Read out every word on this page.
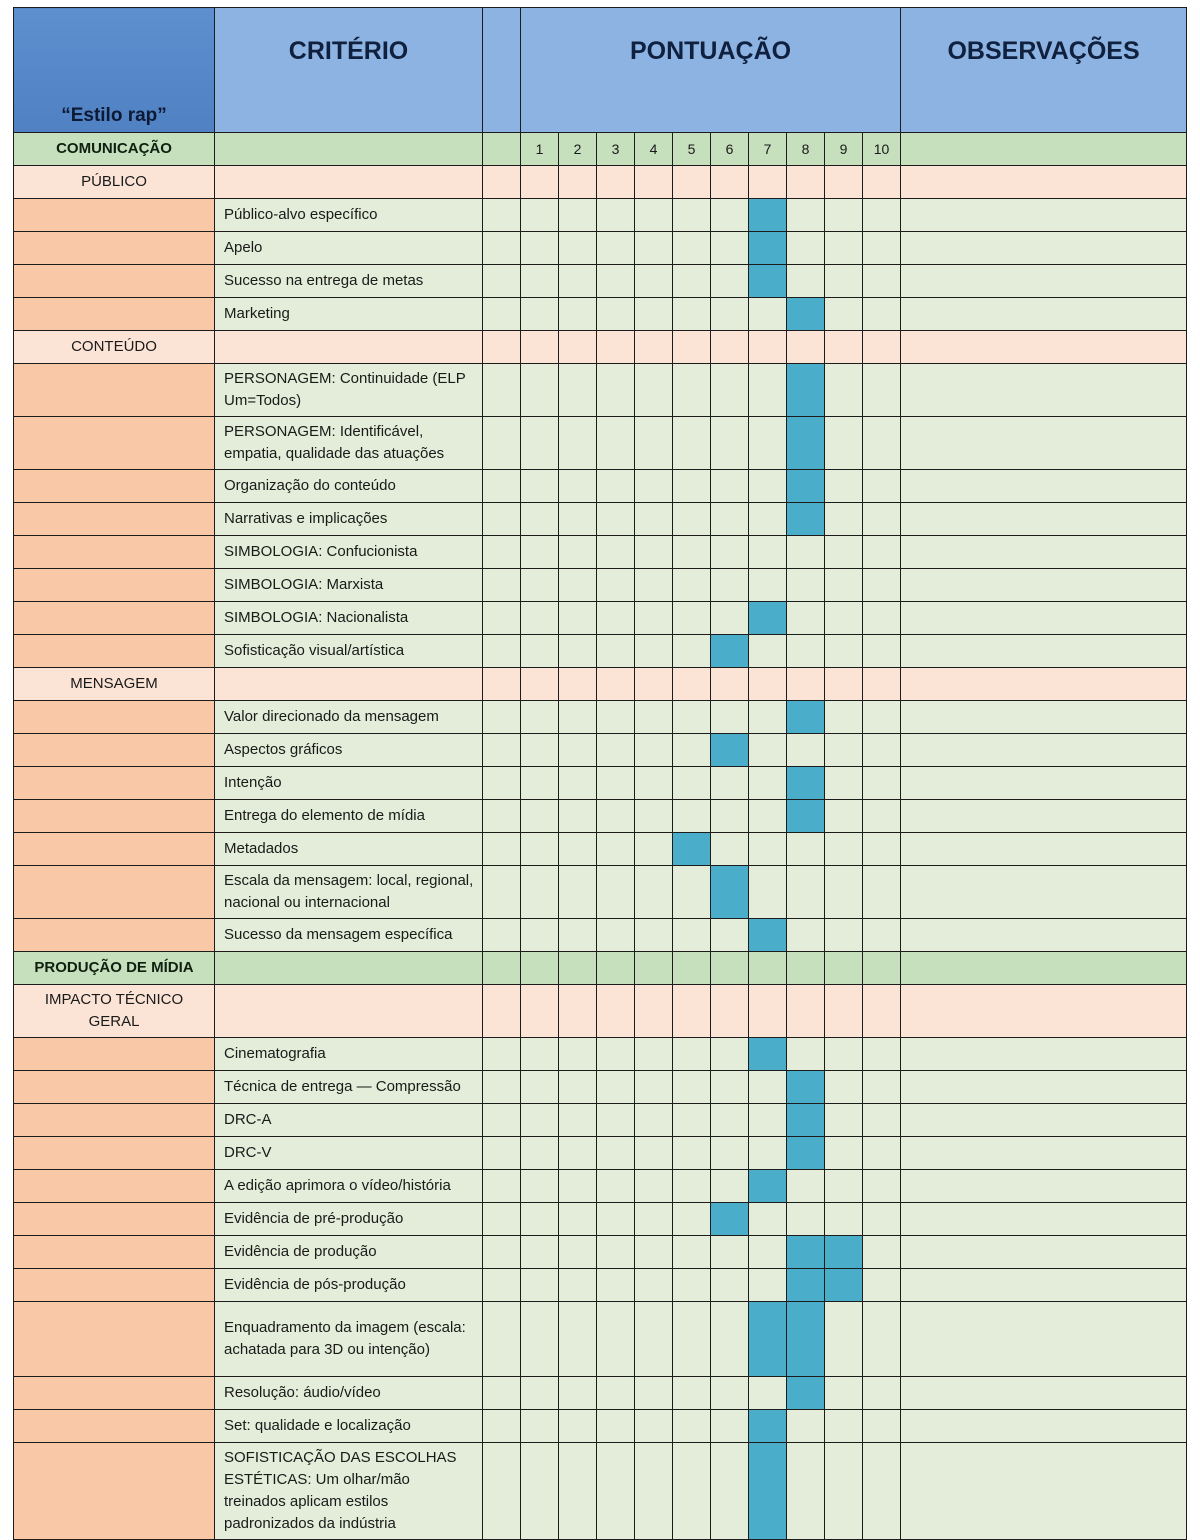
“Estilo rap”	CRITÉRIO		PONTUAÇÃO										OBSERVAÇÕES
COMUNICAÇÃO			1	2	3	4	5	6	7	8	9	10	
PÚBLICO													
	Público-alvo específico												
	Apelo												
	Sucesso na entrega de metas												
	Marketing												
CONTEÚDO													
	PERSONAGEM: Continuidade (ELP Um=Todos)												
	PERSONAGEM: Identificável, empatia, qualidade das atuações												
	Organização do conteúdo												
	Narrativas e implicações												
	SIMBOLOGIA: Confucionista												
	SIMBOLOGIA: Marxista												
	SIMBOLOGIA: Nacionalista												
	Sofisticação visual/artística												
MENSAGEM													
	Valor direcionado da mensagem												
	Aspectos gráficos												
	Intenção												
	Entrega do elemento de mídia												
	Metadados												
	Escala da mensagem: local, regional, nacional ou internacional												
	Sucesso da mensagem específica												
PRODUÇÃO DE MÍDIA													
IMPACTO TÉCNICO GERAL													
	Cinematografia												
	Técnica de entrega — Compressão												
	DRC-A												
	DRC-V												
	A edição aprimora o vídeo/história												
	Evidência de pré-produção												
	Evidência de produção												
	Evidência de pós-produção												
	Enquadramento da imagem (escala: achatada para 3D ou intenção)												
	Resolução: áudio/vídeo												
	Set: qualidade e localização												
	SOFISTICAÇÃO DAS ESCOLHAS ESTÉTICAS: Um olhar/mão treinados aplicam estilos padronizados da indústria												
